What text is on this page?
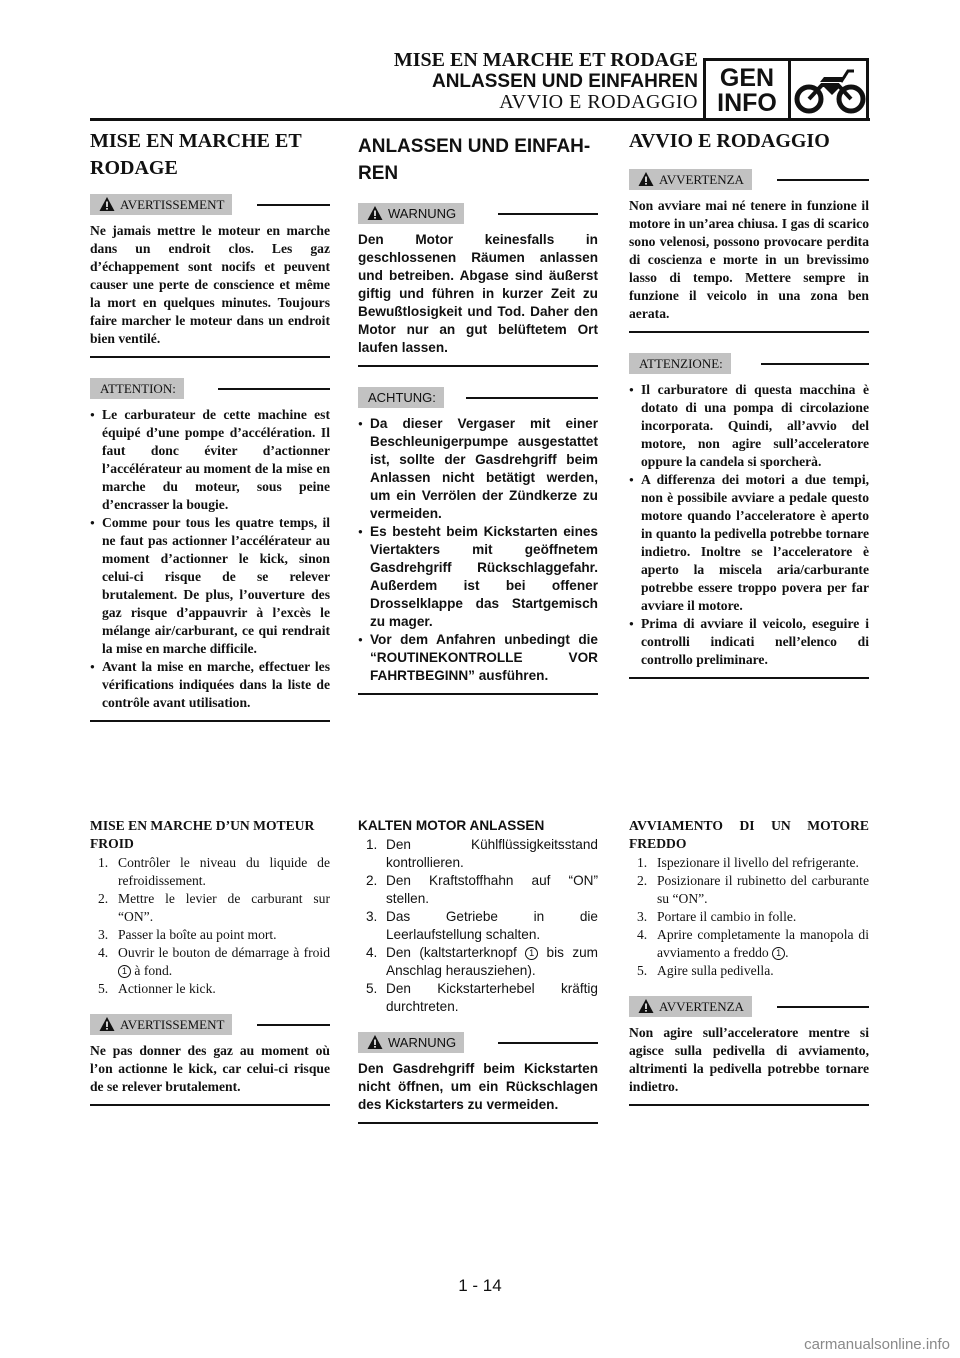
MISE EN MARCHE ET RODAGE
ANLASSEN UND EINFAHREN
AVVIO E RODAGGIO
GEN
INFO
MISE EN MARCHE ET
RODAGE
AVERTISSEMENT

Ne jamais mettre le moteur en marche dans un endroit clos. Les gaz d’échappement sont nocifs et peuvent causer une perte de conscience et même la mort en quelques minutes. Toujours faire marcher le moteur dans un endroit bien ventilé.

ATTENTION:
● Le carburateur de cette machine est équipé d’une pompe d’accélération. Il faut donc éviter d’actionner l’accélérateur au moment de la mise en marche du moteur, sous peine d’encrasser la bougie.
● Comme pour tous les quatre temps, il ne faut pas actionner l’accélérateur au moment d’actionner le kick, sinon celui-ci risque de se relever brutalement. De plus, l’ouverture des gaz risque d’appauvrir à l’excès le mélange air/carburant, ce qui rendrait la mise en marche difficile.
● Avant la mise en marche, effectuer les vérifications indiquées dans la liste de contrôle avant utilisation.
ANLASSEN UND EINFAH-
REN
WARNUNG

Den Motor keinesfalls in geschlossenen Räumen anlassen und betreiben. Abgase sind äußerst giftig und führen in kurzer Zeit zu Bewußtlosigkeit und Tod. Daher den Motor nur an gut belüftetem Ort laufen lassen.

ACHTUNG:
● Da dieser Vergaser mit einer Beschleunigerpumpe ausgestattet ist, sollte der Gasdrehgriff beim Anlassen nicht betätigt werden, um ein Verrölen der Zündkerze zu vermeiden.
● Es besteht beim Kickstarten eines Viertakters mit geöffnetem Gasdrehgriff Rückschlaggefahr. Außerdem ist bei offener Drosselklappe das Startgemisch zu mager.
● Vor dem Anfahren unbedingt die “ROUTINEKONTROLLE VOR FAHRTBEGINN” ausführen.
AVVIO E RODAGGIO
AVVERTENZA

Non avviare mai né tenere in funzione il motore in un’area chiusa. I gas di scarico sono velenosi, possono provocare perdita di coscienza e morte in un brevissimo lasso di tempo. Mettere sempre in funzione il veicolo in una zona ben aerata.

ATTENZIONE:
● Il carburatore di questa macchina è dotato di una pompa di circolazione incorporata. Quindi, all’avvio del motore, non agire sull’acceleratore oppure la candela si sporcherà.
● A differenza dei motori a due tempi, non è possibile avviare a pedale questo motore quando l’acceleratore è aperto in quanto la pedivella potrebbe tornare indietro. Inoltre se l’acceleratore è aperto la miscela aria/carburante potrebbe essere troppo povera per far avviare il motore.
● Prima di avviare il veicolo, eseguire i controlli indicati nell’elenco di controllo preliminare.
MISE EN MARCHE D’UN MOTEUR FROID
1. Contrôler le niveau du liquide de refroidissement.
2. Mettre le levier de carburant sur “ON”.
3. Passer la boîte au point mort.
4. Ouvrir le bouton de démarrage à froid 1 à fond.
5. Actionner le kick.
AVERTISSEMENT

Ne pas donner des gaz au moment où l’on actionne le kick, car celui-ci risque de se relever brutalement.

KALTEN MOTOR ANLASSEN
1. Den Kühlflüssigkeitsstand kontrollieren.
2. Den Kraftstoffhahn auf “ON” stellen.
3. Das Getriebe in die Leerlaufstellung schalten.
4. Den (kaltstarterknopf 1 bis zum Anschlag herausziehen).
5. Den Kickstarterhebel kräftig durchtreten.
WARNUNG

Den Gasdrehgriff beim Kickstarten nicht öffnen, um ein Rückschlagen des Kickstarters zu vermeiden.

AVVIAMENTO DI UN MOTORE FREDDO
1. Ispezionare il livello del refrigerante.
2. Posizionare il rubinetto del carburante su “ON”.
3. Portare il cambio in folle.
4. Aprire completamente la manopola di avviamento a freddo 1 .
5. Agire sulla pedivella.
AVVERTENZA

Non agire sull’acceleratore mentre si agisce sulla pedivella di avviamento, altrimenti la pedivella potrebbe tornare indietro.

1 - 14
carmanualsonline.info
